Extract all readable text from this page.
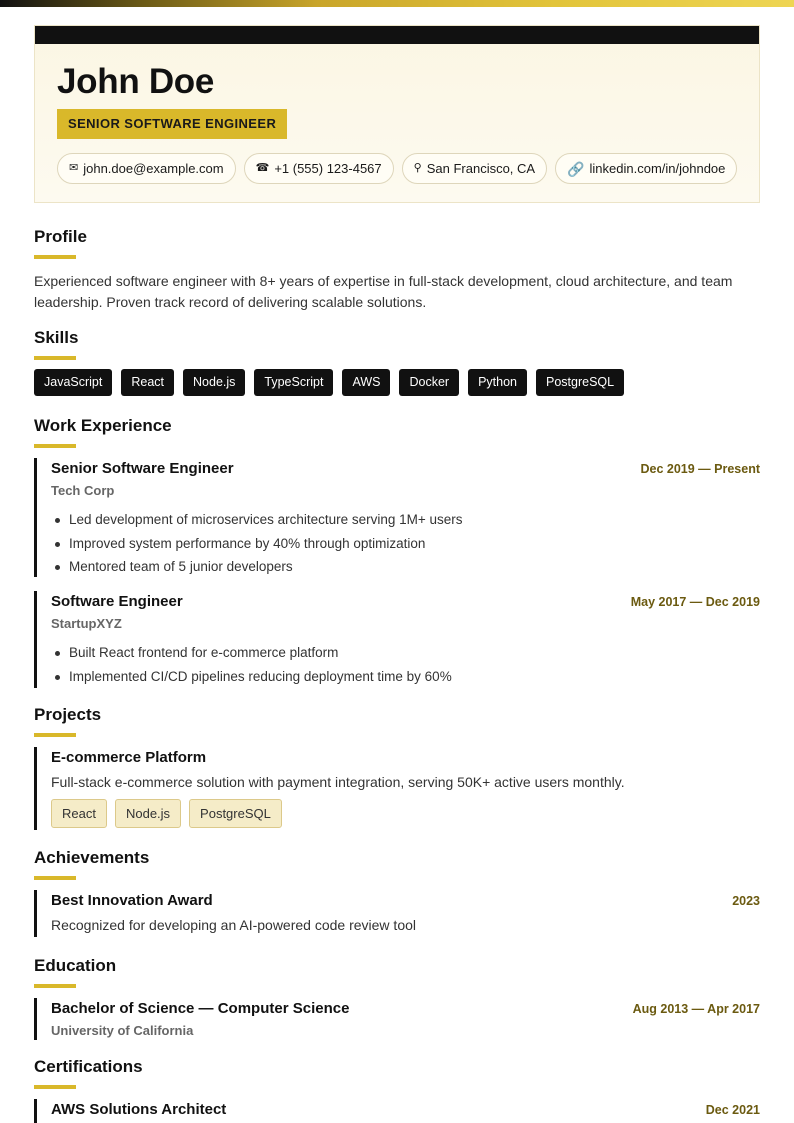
John Doe
SENIOR SOFTWARE ENGINEER
✉ john.doe@example.com	☎ +1 (555) 123-4567	⚲ San Francisco, CA 🔗 linkedin.com/in/johndoe
Profile

Experienced software engineer with 8+ years of expertise in full-stack development, cloud architecture, and team leadership. Proven track record of delivering scalable solutions.

Skills
JavaScript	React	Node.js	TypeScript	AWS	Docker	Python	PostgreSQL
Work Experience
Senior Software Engineer	Dec 2019 — Present
Tech Corp
Led development of microservices architecture serving 1M+ users
Improved system performance by 40% through optimization
Mentored team of 5 junior developers
Software Engineer	May 2017 — Dec 2019
StartupXYZ
Built React frontend for e-commerce platform
Implemented CI/CD pipelines reducing deployment time by 60%
Projects
E-commerce Platform
Full-stack e-commerce solution with payment integration, serving 50K+ active users monthly.
React	Node.js	PostgreSQL
Achievements
Best Innovation Award	2023
Recognized for developing an AI-powered code review tool
Education
Bachelor of Science — Computer Science	Aug 2013 — Apr 2017
University of California
Certifications
AWS Solutions Architect	Dec 2021
